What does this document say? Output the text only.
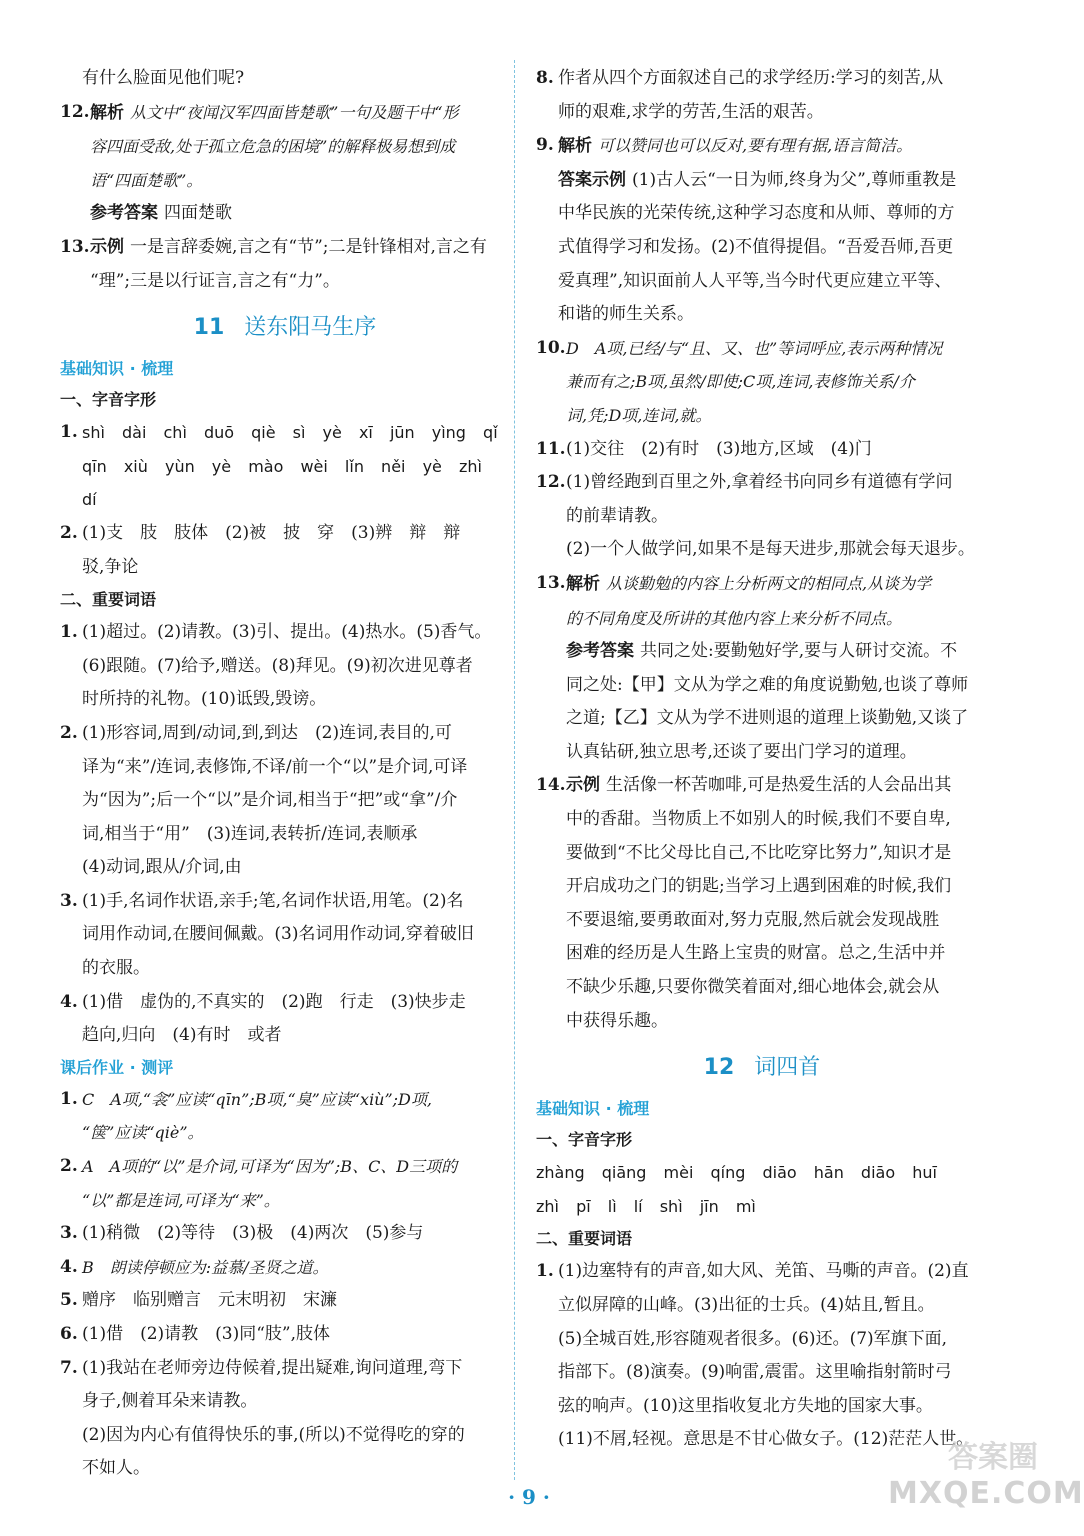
有什么脸面见他们呢?
12. 解析 从文中“夜闻汉军四面皆楚歌”一句及题干中“形
容四面受敌,处于孤立危急的困境”的解释极易想到成
语“四面楚歌”。
参考答案 四面楚歌
13. 示例 一是言辞委婉,言之有“节”;二是针锋相对,言之有
“理”;三是以行证言,言之有“力”。
11 送东阳马生序
基础知识 · 梳理
一、字音字形
1. shì dài chì duō qiè sì yè xī jūn yìng qǐ
qīn xiù yùn yè mào wèi lǐn něi yè zhì dí
2. (1)支　肢　肢体　(2)被　披　穿　(3)辨　辩　辩
驳,争论
二、重要词语
1. (1)超过。(2)请教。(3)引、提出。(4)热水。(5)香气。
(6)跟随。(7)给予,赠送。(8)拜见。(9)初次进见尊者
时所持的礼物。(10)诋毁,毁谤。
2. (1)形容词,周到/动词,到,到达　(2)连词,表目的,可
译为“来”/连词,表修饰,不译/前一个“以”是介词,可译
为“因为”;后一个“以”是介词,相当于“把”或“拿”/介
词,相当于“用”　(3)连词,表转折/连词,表顺承
(4)动词,跟从/介词,由
3. (1)手,名词作状语,亲手;笔,名词作状语,用笔。(2)名
词用作动词,在腰间佩戴。(3)名词用作动词,穿着破旧
的衣服。
4. (1)借　虚伪的,不真实的　(2)跑　行走　(3)快步走
趋向,归向　(4)有时　或者
课后作业 · 测评
1. C　A项,“衾”应读“qīn”;B项,“臭”应读“xiù”;D项,
“箧”应读“qiè”。
2. A　A项的“以”是介词,可译为“因为”;B、C、D三项的
“以”都是连词,可译为“来”。
3. (1)稍微　(2)等待　(3)极　(4)两次　(5)参与
4. B　朗读停顿应为:益慕/圣贤之道。
5. 赠序　临别赠言　元末明初　宋濂
6. (1)借　(2)请教　(3)同“肢”,肢体
7. (1)我站在老师旁边侍候着,提出疑难,询问道理,弯下
身子,侧着耳朵来请教。
(2)因为内心有值得快乐的事,(所以)不觉得吃的穿的
不如人。
8. 作者从四个方面叙述自己的求学经历:学习的刻苦,从
师的艰难,求学的劳苦,生活的艰苦。
9. 解析 可以赞同也可以反对,要有理有据,语言简洁。
答案示例 (1)古人云“一日为师,终身为父”,尊师重教是
中华民族的光荣传统,这种学习态度和从师、尊师的方
式值得学习和发扬。(2)不值得提倡。“吾爱吾师,吾更
爱真理”,知识面前人人平等,当今时代更应建立平等、
和谐的师生关系。
10. D　A项,已经/与“且、又、也”等词呼应,表示两种情况
兼而有之;B项,虽然/即使;C项,连词,表修饰关系/介
词,凭;D项,连词,就。
11. (1)交往　(2)有时　(3)地方,区域　(4)门
12. (1)曾经跑到百里之外,拿着经书向同乡有道德有学问
的前辈请教。
(2)一个人做学问,如果不是每天进步,那就会每天退步。
13. 解析 从谈勤勉的内容上分析两文的相同点,从谈为学
的不同角度及所讲的其他内容上来分析不同点。
参考答案 共同之处:要勤勉好学,要与人研讨交流。不
同之处:【甲】文从为学之难的角度说勤勉,也谈了尊师
之道;【乙】文从为学不进则退的道理上谈勤勉,又谈了
认真钻研,独立思考,还谈了要出门学习的道理。
14. 示例 生活像一杯苦咖啡,可是热爱生活的人会品出其
中的香甜。当物质上不如别人的时候,我们不要自卑,
要做到“不比父母比自己,不比吃穿比努力”,知识才是
开启成功之门的钥匙;当学习上遇到困难的时候,我们
不要退缩,要勇敢面对,努力克服,然后就会发现战胜
困难的经历是人生路上宝贵的财富。总之,生活中并
不缺少乐趣,只要你微笑着面对,细心地体会,就会从
中获得乐趣。
12 词四首
基础知识 · 梳理
一、字音字形
zhàng qiāng mèi qíng diāo hān diāo huī
zhì pī lì lí shì jīn mì
二、重要词语
1. (1)边塞特有的声音,如大风、羌笛、马嘶的声音。(2)直
立似屏障的山峰。(3)出征的士兵。(4)姑且,暂且。
(5)全城百姓,形容随观者很多。(6)还。(7)军旗下面,
指部下。(8)演奏。(9)响雷,震雷。这里喻指射箭时弓
弦的响声。(10)这里指收复北方失地的国家大事。
(11)不屑,轻视。意思是不甘心做女子。(12)茫茫人世。
· 9 ·
答案圈
MXQE.COM
